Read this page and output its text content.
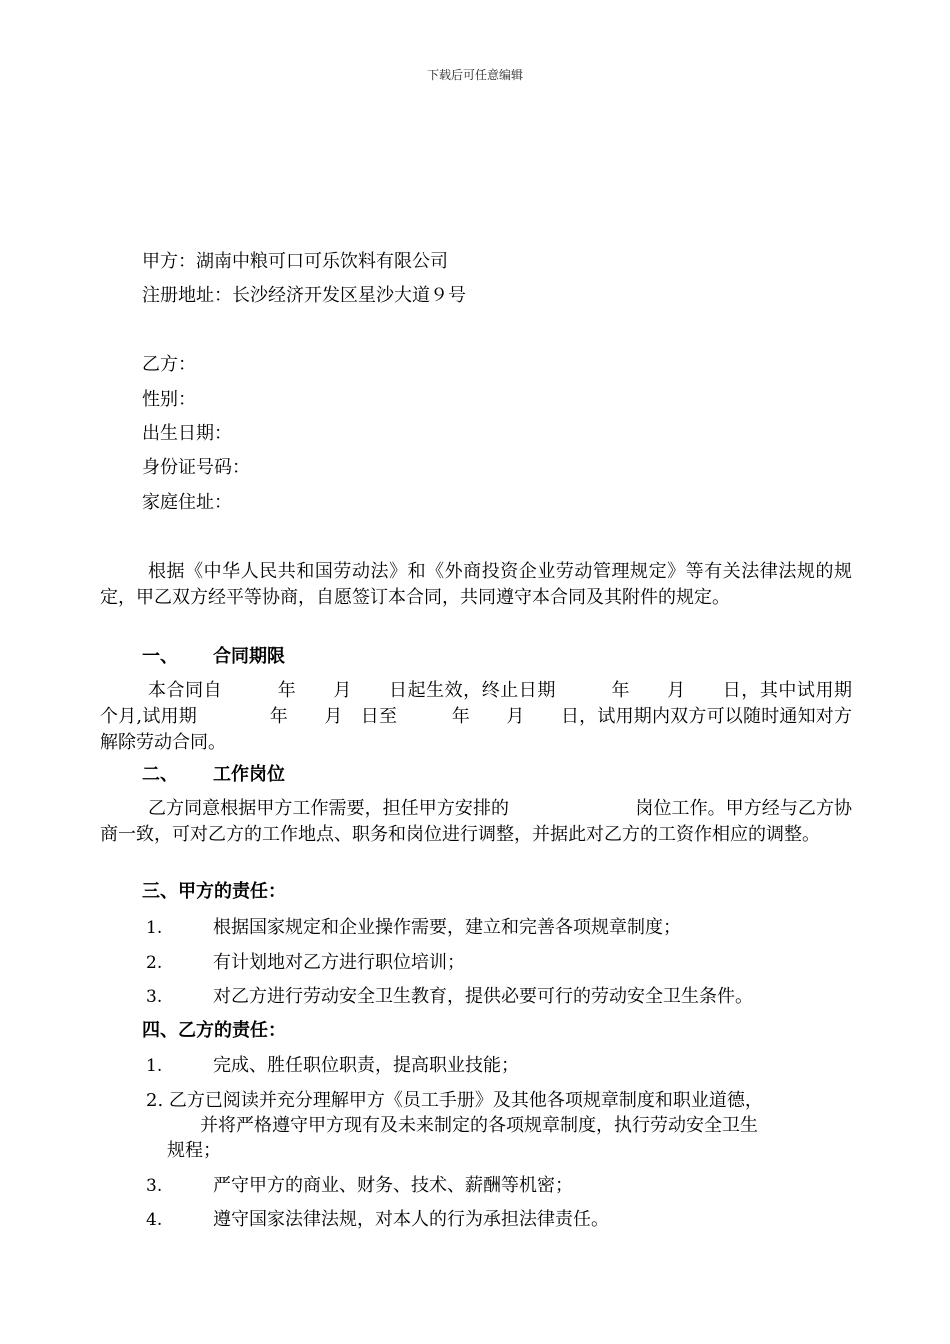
下载后可任意编辑
甲方：湖南中粮可口可乐饮料有限公司
注册地址：长沙经济开发区星沙大道９号
乙方：
性别：
出生日期：
身份证号码：
家庭住址：
根据《中华人民共和国劳动法》和《外商投资企业劳动管理规定》等有关法律法规的规定，甲乙双方经平等协商，自愿签订本合同，共同遵守本合同及其附件的规定。
一、 合同期限
本合同自　　　年　　月　　日起生效，终止日期　　　年　　月　　日，其中试用期　　个月,试用期　　　　年　　月　日至　　　年　　月　　日，试用期内双方可以随时通知对方解除劳动合同。
二、 工作岗位
乙方同意根据甲方工作需要，担任甲方安排的　　　　　　　岗位工作。甲方经与乙方协商一致，可对乙方的工作地点、职务和岗位进行调整，并据此对乙方的工资作相应的调整。
三、甲方的责任：
1.	根据国家规定和企业操作需要，建立和完善各项规章制度；
2.	有计划地对乙方进行职位培训；
3.	对乙方进行劳动安全卫生教育，提供必要可行的劳动安全卫生条件。
四、乙方的责任：
1.	完成、胜任职位职责，提高职业技能；
2. 乙方已阅读并充分理解甲方《员工手册》及其他各项规章制度和职业道德，
并将严格遵守甲方现有及未来制定的各项规章制度，执行劳动安全卫生
规程；
3.	严守甲方的商业、财务、技术、薪酬等机密；
4.	遵守国家法律法规，对本人的行为承担法律责任。
